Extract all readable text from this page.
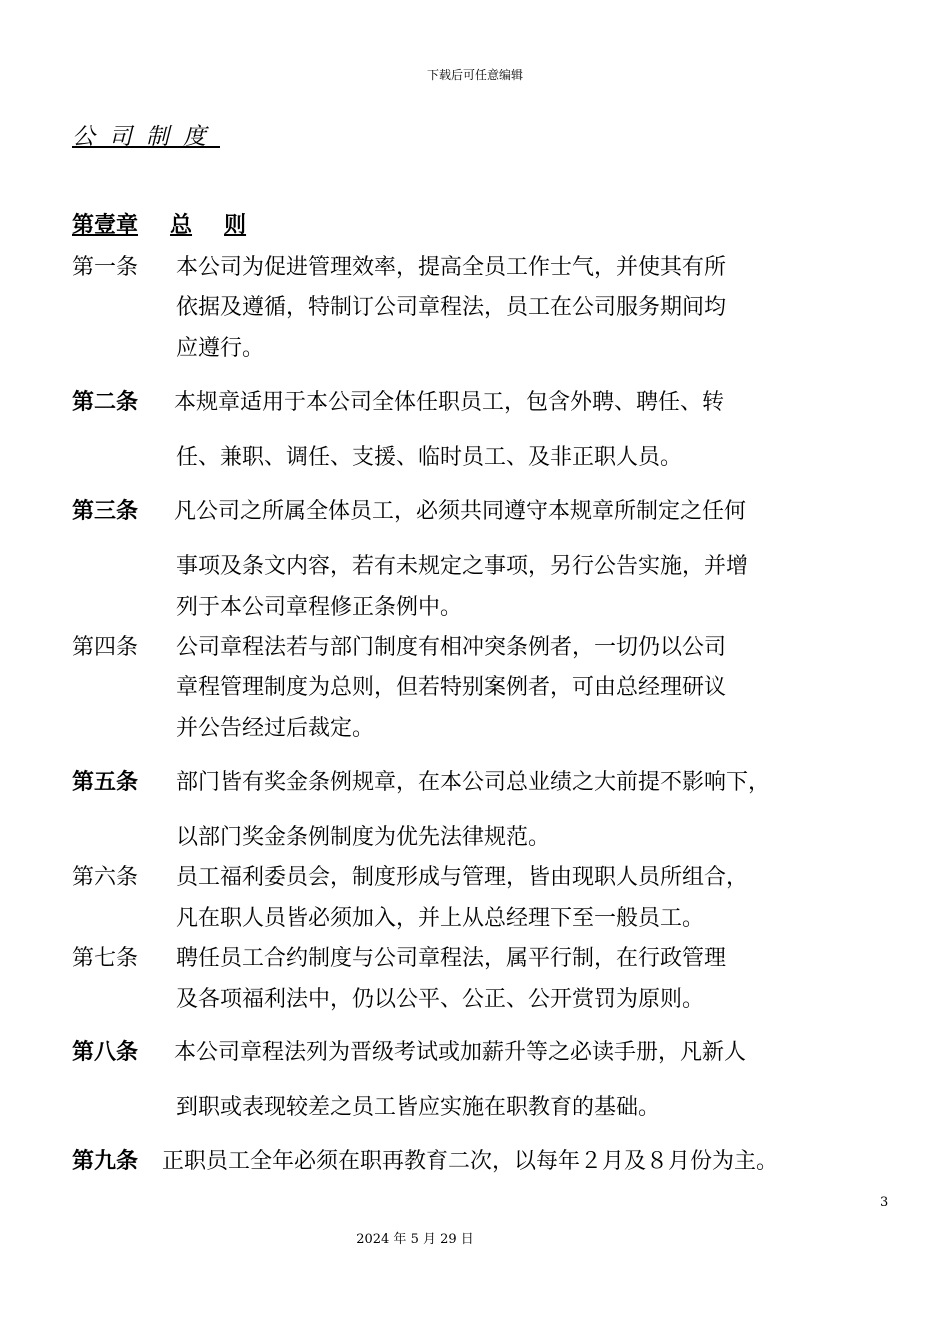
下载后可任意编辑
公司制度
第壹章 总 则
第一条 本公司为促进管理效率，提高全员工作士气，并使其有所
依据及遵循，特制订公司章程法，员工在公司服务期间均
应遵行。
第二条 本规章适用于本公司全体任职员工，包含外聘、聘任、转
任、兼职、调任、支援、临时员工、及非正职人员。
第三条 凡公司之所属全体员工，必须共同遵守本规章所制定之任何
事项及条文内容，若有未规定之事项，另行公告实施，并增
列于本公司章程修正条例中。
第四条 公司章程法若与部门制度有相冲突条例者，一切仍以公司
章程管理制度为总则，但若特别案例者，可由总经理研议
并公告经过后裁定。
第五条 部门皆有奖金条例规章，在本公司总业绩之大前提不影响下，
以部门奖金条例制度为优先法律规范。
第六条 员工福利委员会，制度形成与管理，皆由现职人员所组合，
凡在职人员皆必须加入，并上从总经理下至一般员工。
第七条 聘任员工合约制度与公司章程法，属平行制，在行政管理
及各项福利法中，仍以公平、公正、公开赏罚为原则。
第八条 本公司章程法列为晋级考试或加薪升等之必读手册，凡新人
到职或表现较差之员工皆应实施在职教育的基础。
第九条 正职员工全年必须在职再教育二次，以每年２月及８月份为主。
3
2024 年 5 月 29 日
